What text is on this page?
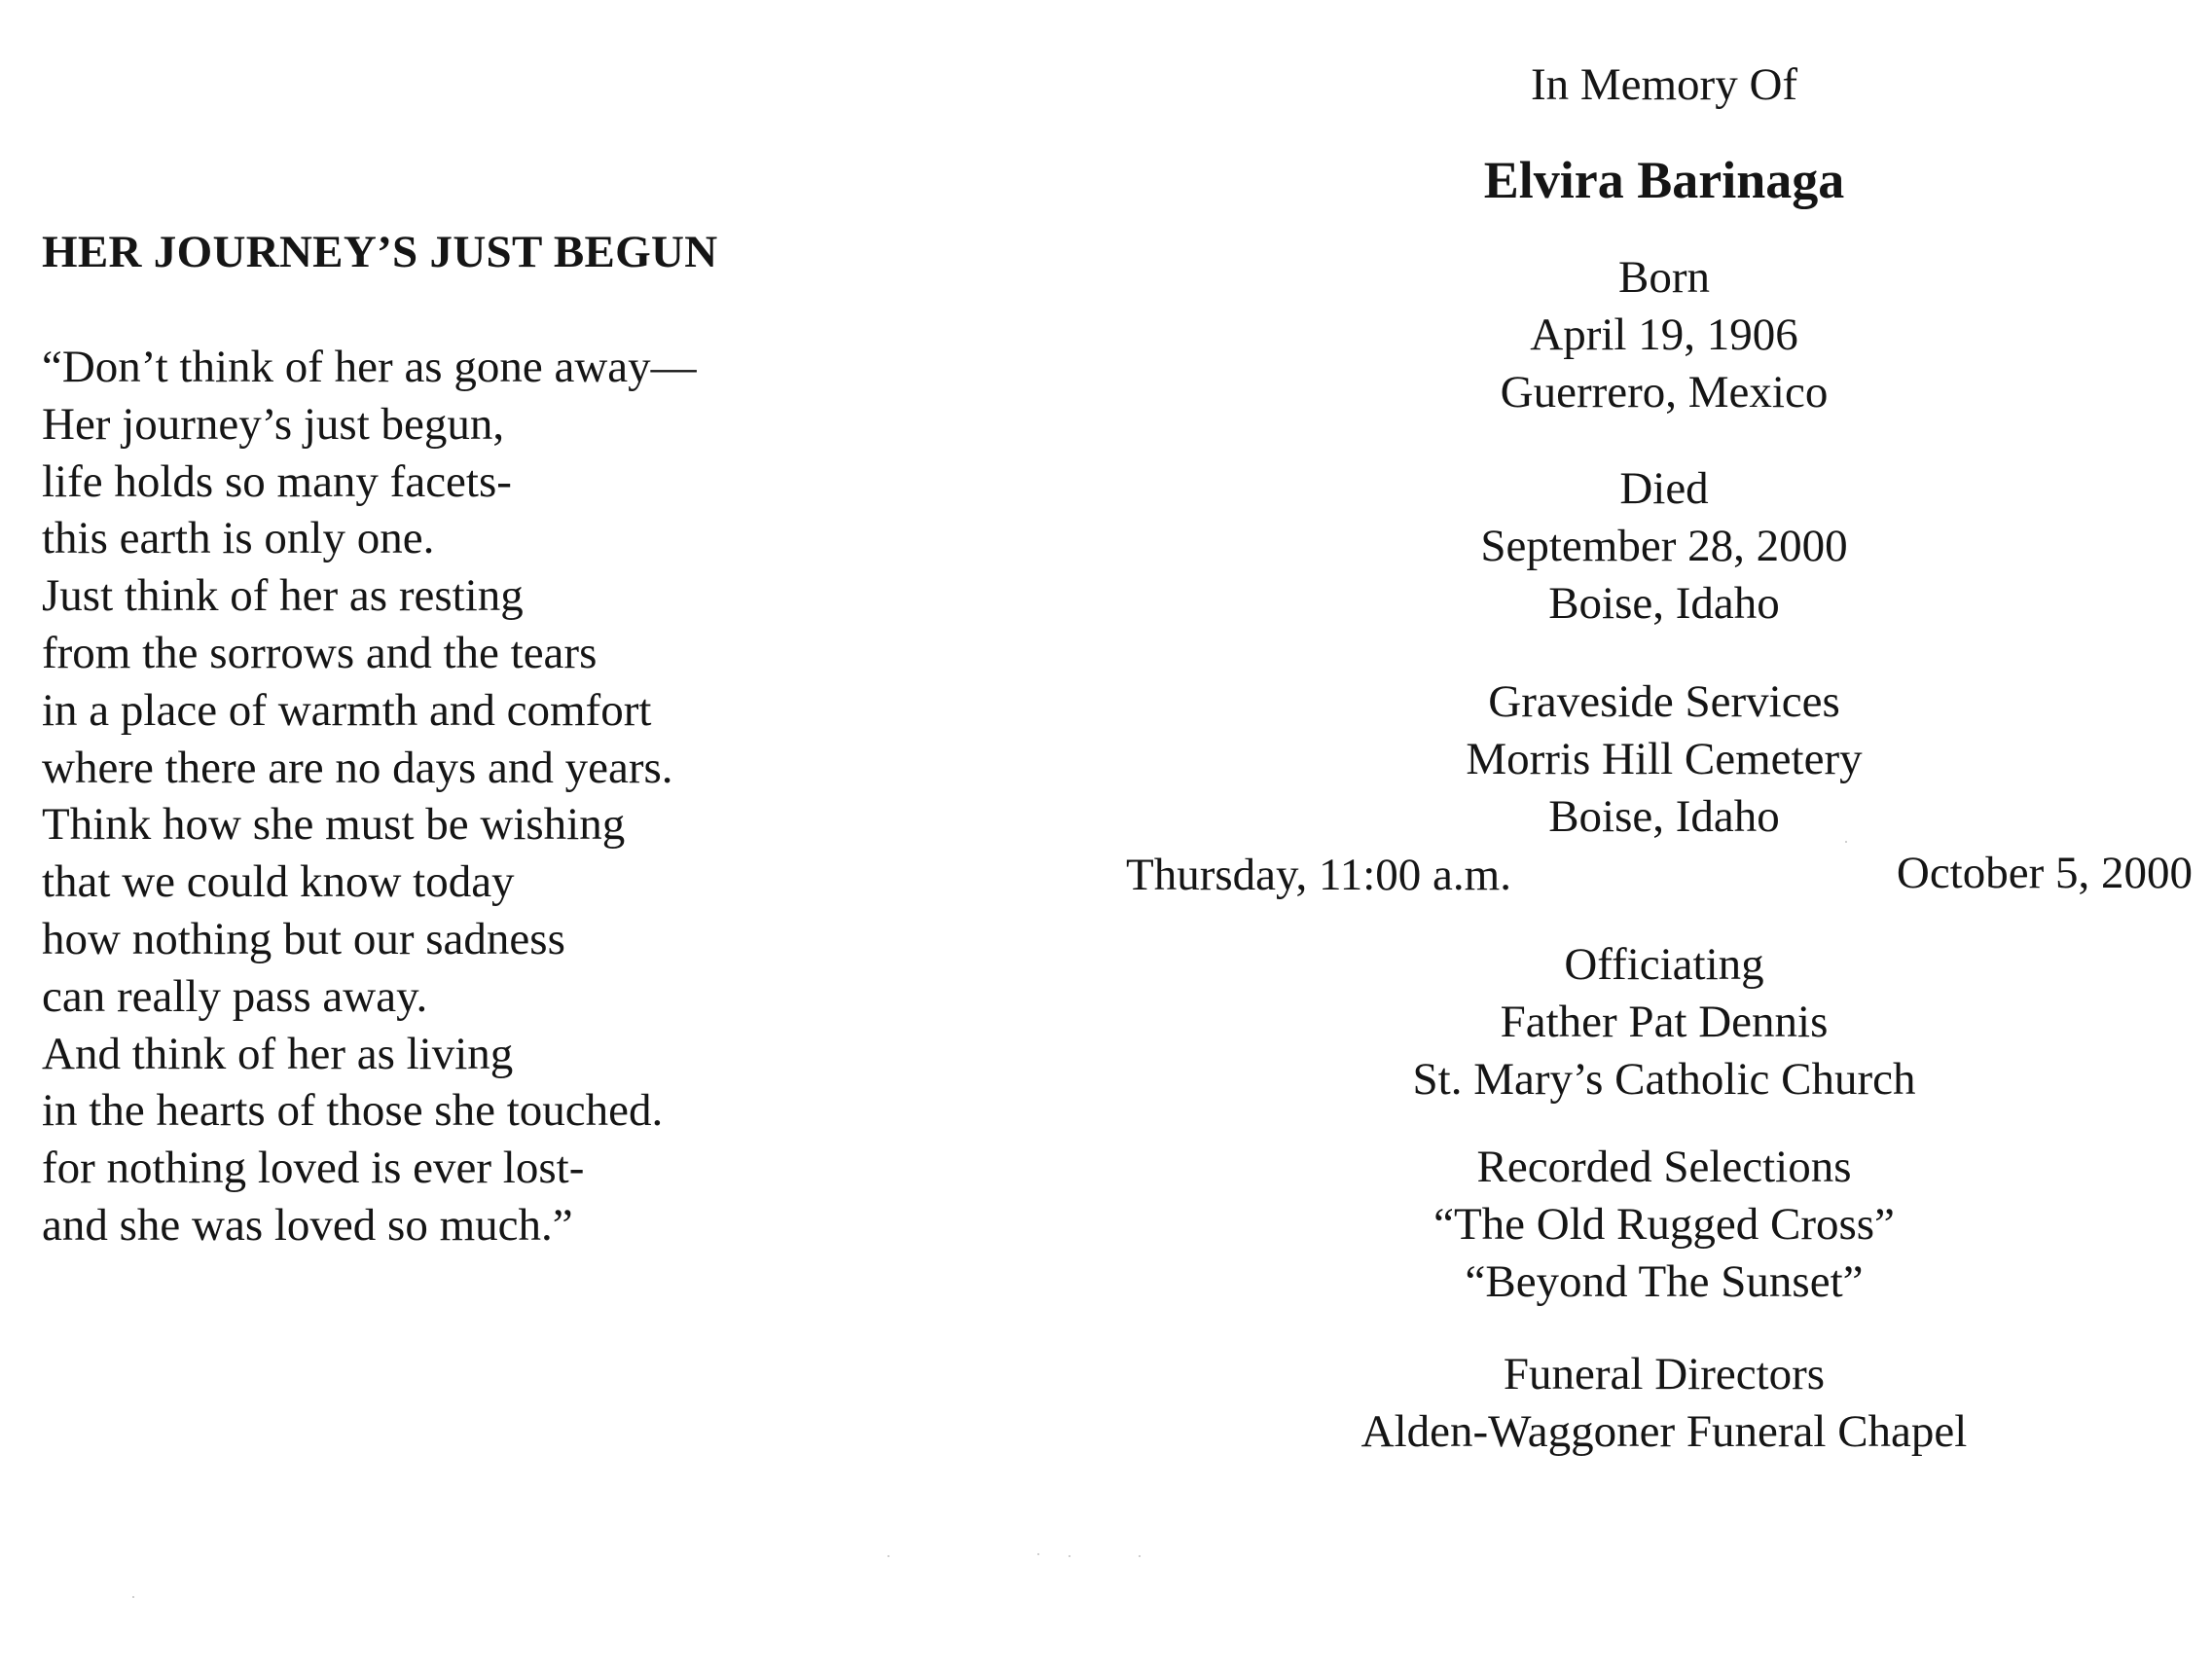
HER JOURNEY’S JUST BEGUN
“Don’t think of her as gone away—
Her journey’s just begun,
life holds so many facets-
this earth is only one.
Just think of her as resting
from the sorrows and the tears
in a place of warmth and comfort
where there are no days and years.
Think how she must be wishing
that we could know today
how nothing but our sadness
can really pass away.
And think of her as living
in the hearts of those she touched.
for nothing loved is ever lost-
and she was loved so much.”
In Memory Of
Elvira Barinaga
Born
April 19, 1906
Guerrero, Mexico
Died
September 28, 2000
Boise, Idaho
Graveside Services
Morris Hill Cemetery
Boise, Idaho
Thursday, 11:00 a.m.	October 5, 2000
Officiating
Father Pat Dennis
St. Mary’s Catholic Church
Recorded Selections
“The Old Rugged Cross”
“Beyond The Sunset”
Funeral Directors
Alden-Waggoner Funeral Chapel
